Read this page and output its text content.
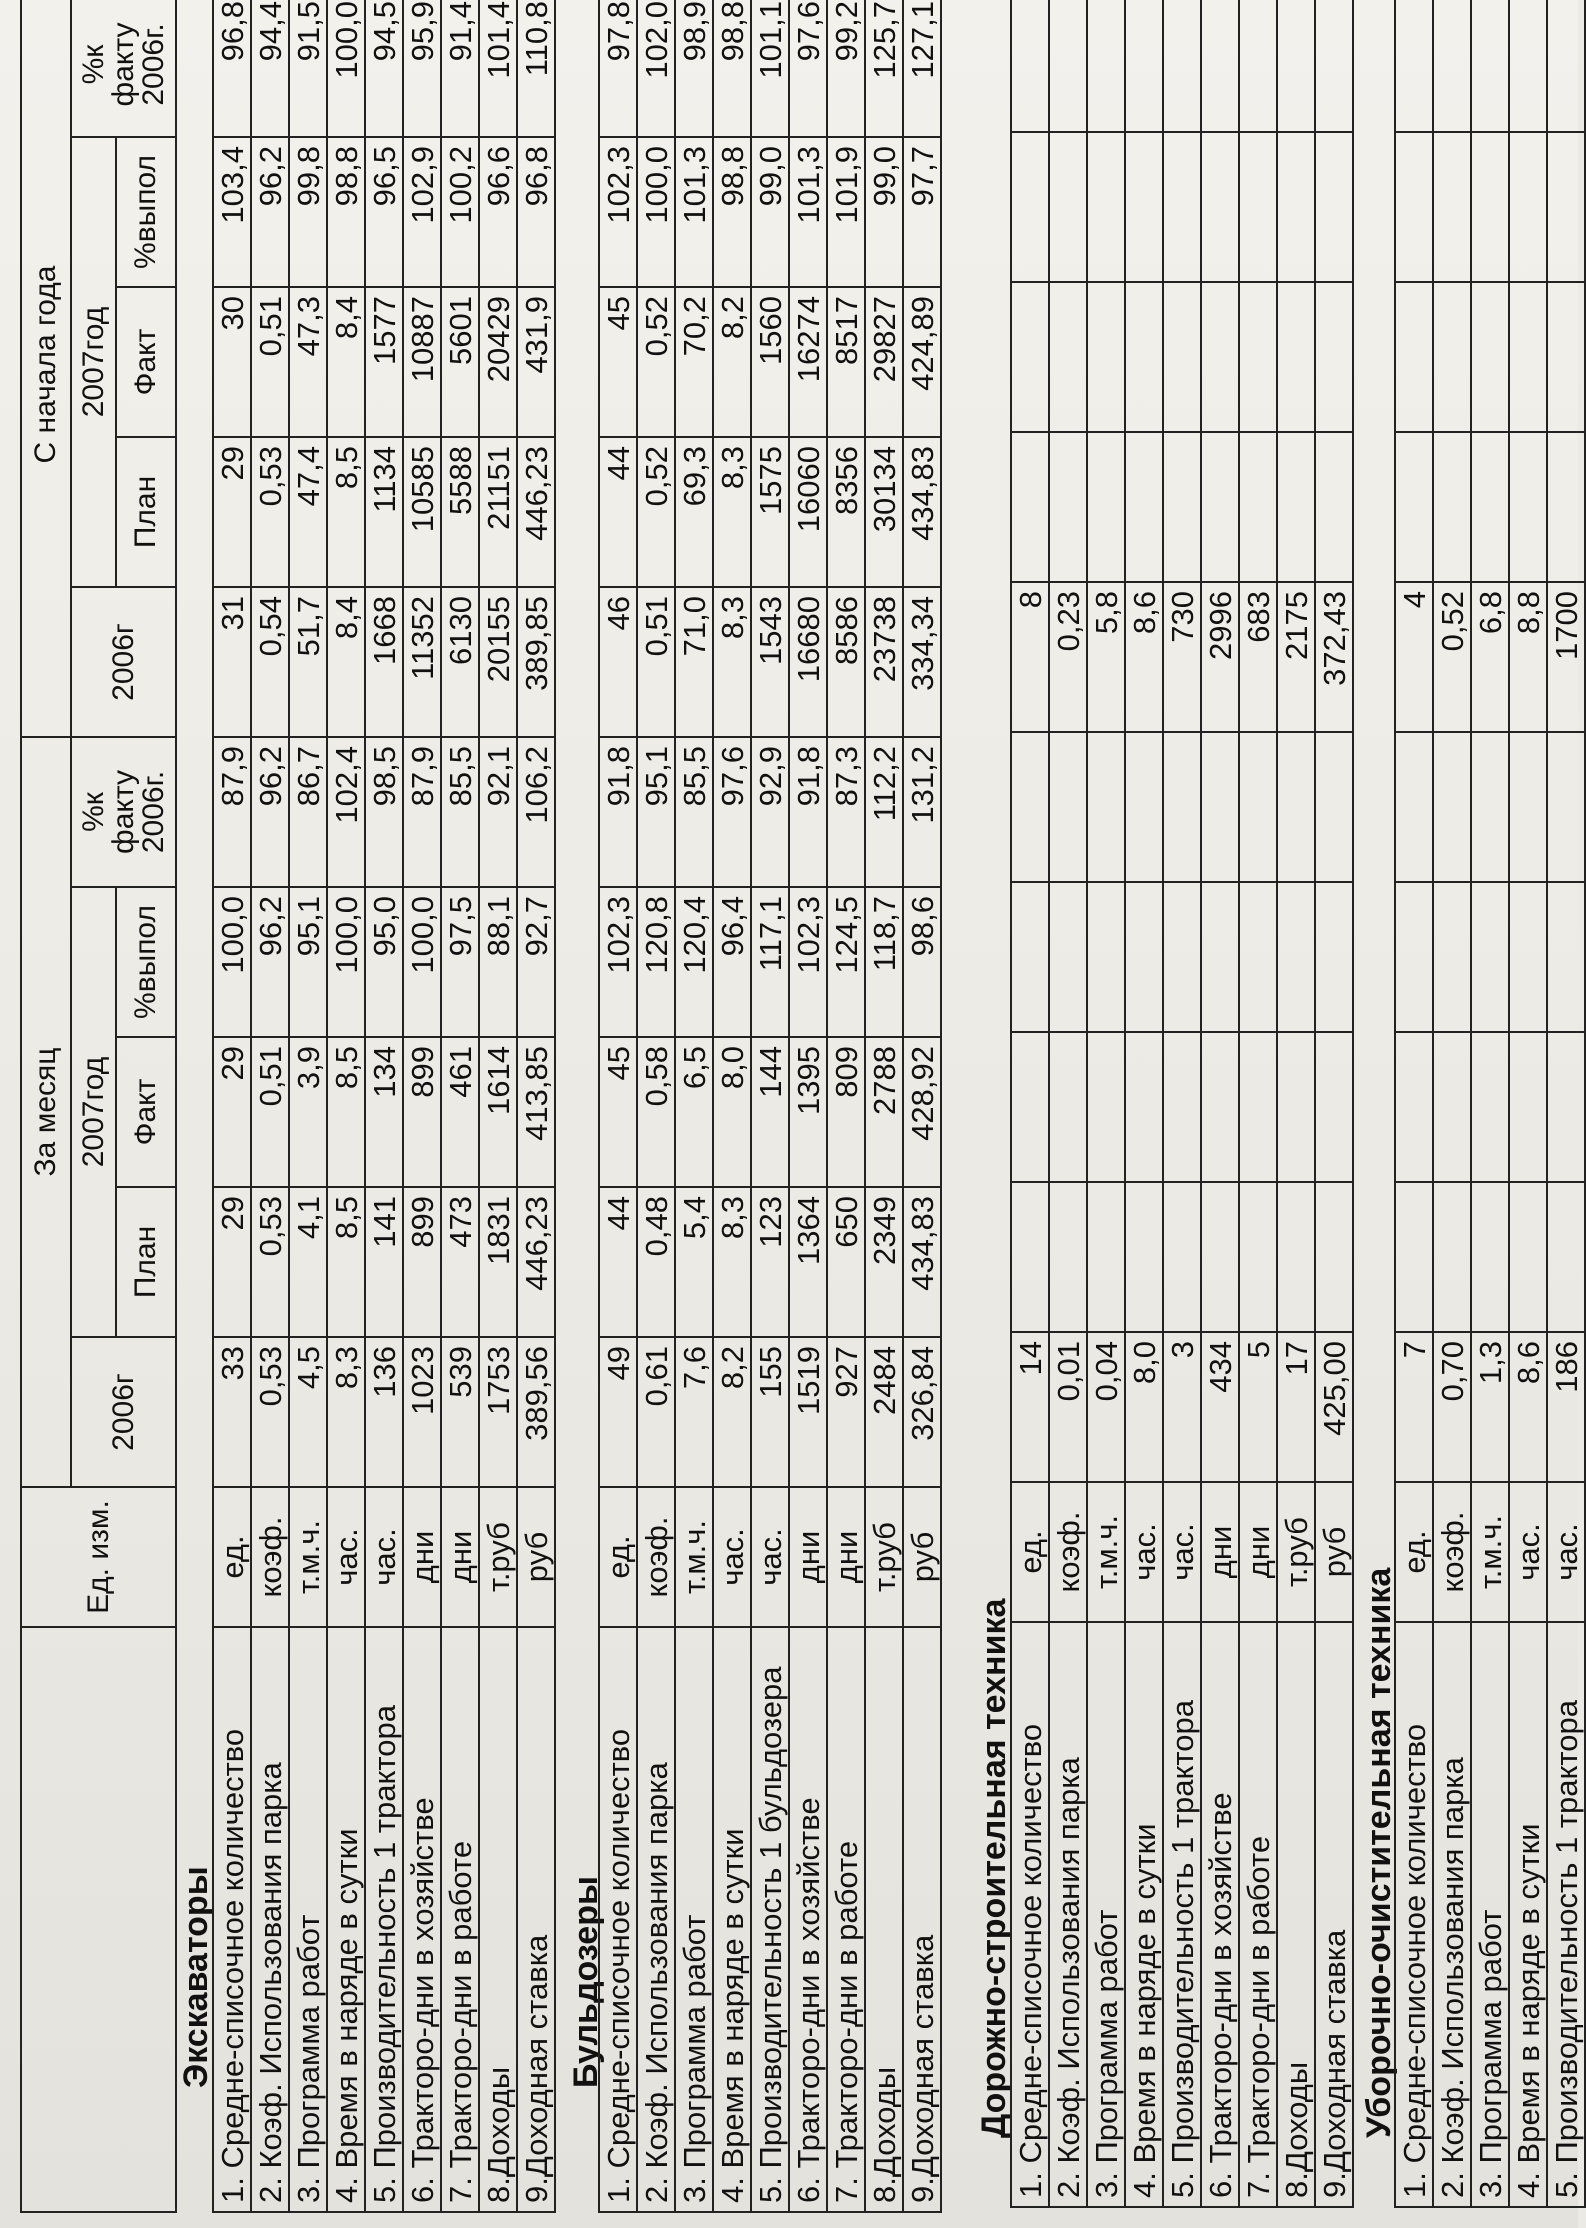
	Ед. изм.	За месяц					С начала года				
		2006г	2007год			%к факту 2006г.	2006г	2007год			%к факту 2006г.
			План	Факт	%выпол			План	Факт	%выпол	
Экскаваторы 1. Средне-списочное количество	ед.	33	29	29	100,0	87,9	31	29	30	103,4	96,8
2. Коэф. Использования парка	коэф.	0,53	0,53	0,51	96,2	96,2	0,54	0,53	0,51	96,2	94,4
3. Программа работ	т.м.ч.	4,5	4,1	3,9	95,1	86,7	51,7	47,4	47,3	99,8	91,5
4. Время в наряде в сутки	час.	8,3	8,5	8,5	100,0	102,4	8,4	8,5	8,4	98,8	100,0
5. Производительность 1 трактора	час.	136	141	134	95,0	98,5	1668	1134	1577	96,5	94,5
6. Тракторо-дни в хозяйстве	дни	1023	899	899	100,0	87,9	11352	10585	10887	102,9	95,9
7. Тракторо-дни в работе	дни	539	473	461	97,5	85,5	6130	5588	5601	100,2	91,4
8.Доходы	т.руб	1753	1831	1614	88,1	92,1	20155	21151	20429	96,6	101,4
9.Доходная ставка	руб	389,56	446,23	413,85	92,7	106,2	389,85	446,23	431,9	96,8	110,8
Бульдозеры
1. Средне-списочное количество	ед.	49	44	45	102,3	91,8	46	44	45	102,3	97,8
2. Коэф. Использования парка	коэф.	0,61	0,48	0,58	120,8	95,1	0,51	0,52	0,52	100,0	102,0
3. Программа работ	т.м.ч.	7,6	5,4	6,5	120,4	85,5	71,0	69,3	70,2	101,3	98,9
4. Время в наряде в сутки	час.	8,2	8,3	8,0	96,4	97,6	8,3	8,3	8,2	98,8	98,8
5. Производительность 1 бульдозера	час.	155	123	144	117,1	92,9	1543	1575	1560	99,0	101,1
6. Тракторо-дни в хозяйстве	дни	1519	1364	1395	102,3	91,8	16680	16060	16274	101,3	97,6
7. Тракторо-дни в работе	дни	927	650	809	124,5	87,3	8586	8356	8517	101,9	99,2
8.Доходы	т.руб	2484	2349	2788	118,7	112,2	23738	30134	29827	99,0	125,7
9.Доходная ставка	руб	326,84	434,83	428,92	98,6	131,2	334,34	434,83	424,89	97,7	127,1
Дорожно-строительная техника 1. Средне-списочное количество	ед.	14					8				
2. Коэф. Использования парка	коэф.	0,01					0,23				
3. Программа работ	т.м.ч.	0,04					5,8				
4. Время в наряде в сутки	час.	8,0					8,6				
5. Производительность 1 трактора	час.	3					730				
6. Тракторо-дни в хозяйстве	дни	434					2996				
7. Тракторо-дни в работе	дни	5					683				
8.Доходы	т.руб	17					2175				
9.Доходная ставка	руб	425,00					372,43				
Уборочно-очистительная техника
1. Средне-списочное количество	ед.	7					4				
2. Коэф. Использования парка	коэф.	0,70					0,52				
3. Программа работ	т.м.ч.	1,3					6,8				
4. Время в наряде в сутки	час.	8,6					8,8				
5. Производительность 1 трактора	час.	186					1700				
